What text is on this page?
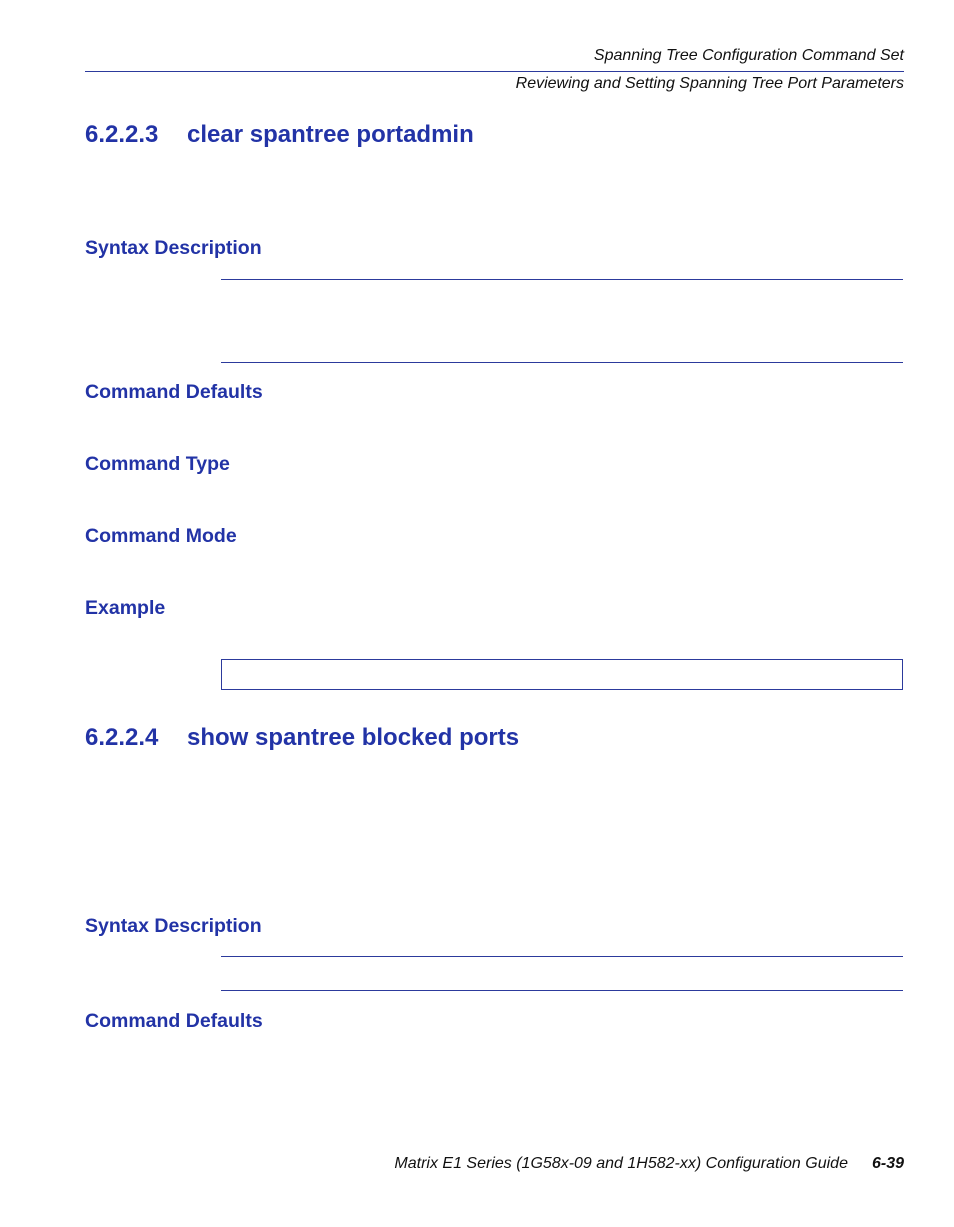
Spanning Tree Configuration Command Set
Reviewing and Setting Spanning Tree Port Parameters
6.2.2.3 clear spantree portadmin
Syntax Description
Command Defaults
Command Type
Command Mode
Example
6.2.2.4 show spantree blocked ports
Syntax Description
Command Defaults
Matrix E1 Series (1G58x-09 and 1H582-xx) Configuration Guide 6-39
